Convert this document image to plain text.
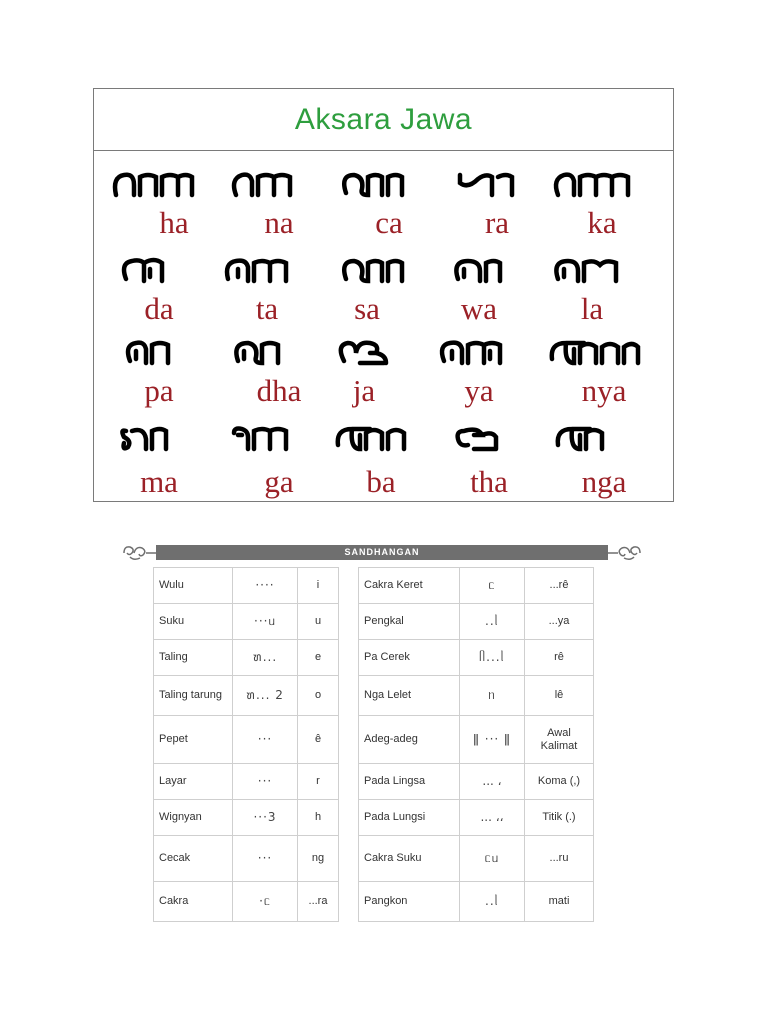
Aksara Jawa
ha	na	ca	ra	ka
da	ta	sa	wa	la
pa	dha	ja	ya	nya
ma	ga	ba	tha	nga
SANDHANGAN
Wulu	····	i
Suku	···ᥙ	u
Taling	ຑ...	e
Taling tarung	ຑ... 2	o
Pepet	···	ê
Layar	···	r
Wignyan	···3	h
Cecak	···	ng
Cakra	·ᥴ	...ra
Cakra Keret	ᥴ	...rê
Pengkal	..ᥣ	...ya
Pa Cerek	ᥥ...ᥣ	rê
Nga Lelet	ᥒ	lê
Adeg-adeg	ǁ ··· ǁ	Awal Kalimat
Pada Lingsa	... ،	Koma (,)
Pada Lungsi	... ،،	Titik (.)
Cakra Suku	ᥴᥙ	...ru
Pangkon	..ᥣ	mati
